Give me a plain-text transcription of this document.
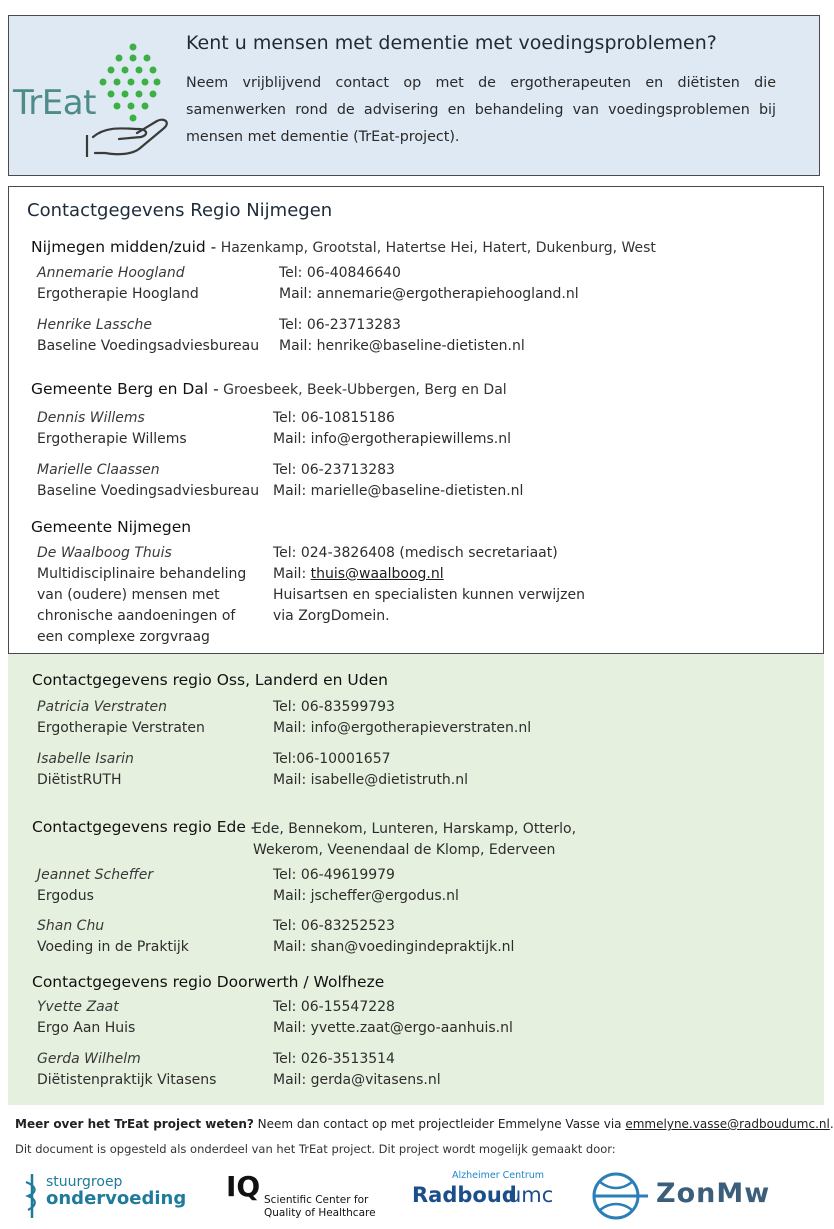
TrEat
Kent u mensen met dementie met voedingsproblemen?
Neem vrijblijvend contact op met de ergotherapeuten en diëtisten die samenwerken rond de advisering en behandeling van voedingsproblemen bij mensen met dementie (TrEat-project).
Contactgegevens Regio Nijmegen
Nijmegen midden/zuid - Hazenkamp, Grootstal, Hatertse Hei, Hatert, Dukenburg, West
Annemarie Hoogland
Ergotherapie Hoogland
Tel: 06-40846640
Mail: annemarie@ergotherapiehoogland.nl
Henrike Lassche
Baseline Voedingsadviesbureau
Tel: 06-23713283
Mail: henrike@baseline-dietisten.nl
Gemeente Berg en Dal - Groesbeek, Beek-Ubbergen, Berg en Dal
Dennis Willems
Ergotherapie Willems
Tel: 06-10815186
Mail: info@ergotherapiewillems.nl
Marielle Claassen
Baseline Voedingsadviesbureau
Tel: 06-23713283
Mail: marielle@baseline-dietisten.nl
Gemeente Nijmegen
De Waalboog Thuis
Multidisciplinaire behandeling
van (oudere) mensen met
chronische aandoeningen of
een complexe zorgvraag
Tel: 024-3826408 (medisch secretariaat)
Mail: thuis@waalboog.nl
Huisartsen en specialisten kunnen verwijzen
via ZorgDomein.
Contactgegevens regio Oss, Landerd en Uden
Patricia Verstraten
Ergotherapie Verstraten
Tel: 06-83599793
Mail: info@ergotherapieverstraten.nl
Isabelle Isarin
DiëtistRUTH
Tel:06-10001657
Mail: isabelle@dietistruth.nl
Contactgegevens regio Ede -
Ede, Bennekom, Lunteren, Harskamp, Otterlo,
Wekerom, Veenendaal de Klomp, Ederveen
Jeannet Scheffer
Ergodus
Tel: 06-49619979
Mail: jscheffer@ergodus.nl
Shan Chu
Voeding in de Praktijk
Tel: 06-83252523
Mail: shan@voedingindepraktijk.nl
Contactgegevens regio Doorwerth / Wolfheze
Yvette Zaat
Ergo Aan Huis
Tel: 06-15547228
Mail: yvette.zaat@ergo-aanhuis.nl
Gerda Wilhelm
Diëtistenpraktijk Vitasens
Tel: 026-3513514
Mail: gerda@vitasens.nl
Meer over het TrEat project weten? Neem dan contact op met projectleider Emmelyne Vasse via emmelyne.vasse@radboudumc.nl.
Dit document is opgesteld als onderdeel van het TrEat project. Dit project wordt mogelijk gemaakt door:
stuurgroep
ondervoeding IQ Scientific Center for
Quality of Healthcare
Alzheimer Centrum
Radboud
umc	ZonMw
